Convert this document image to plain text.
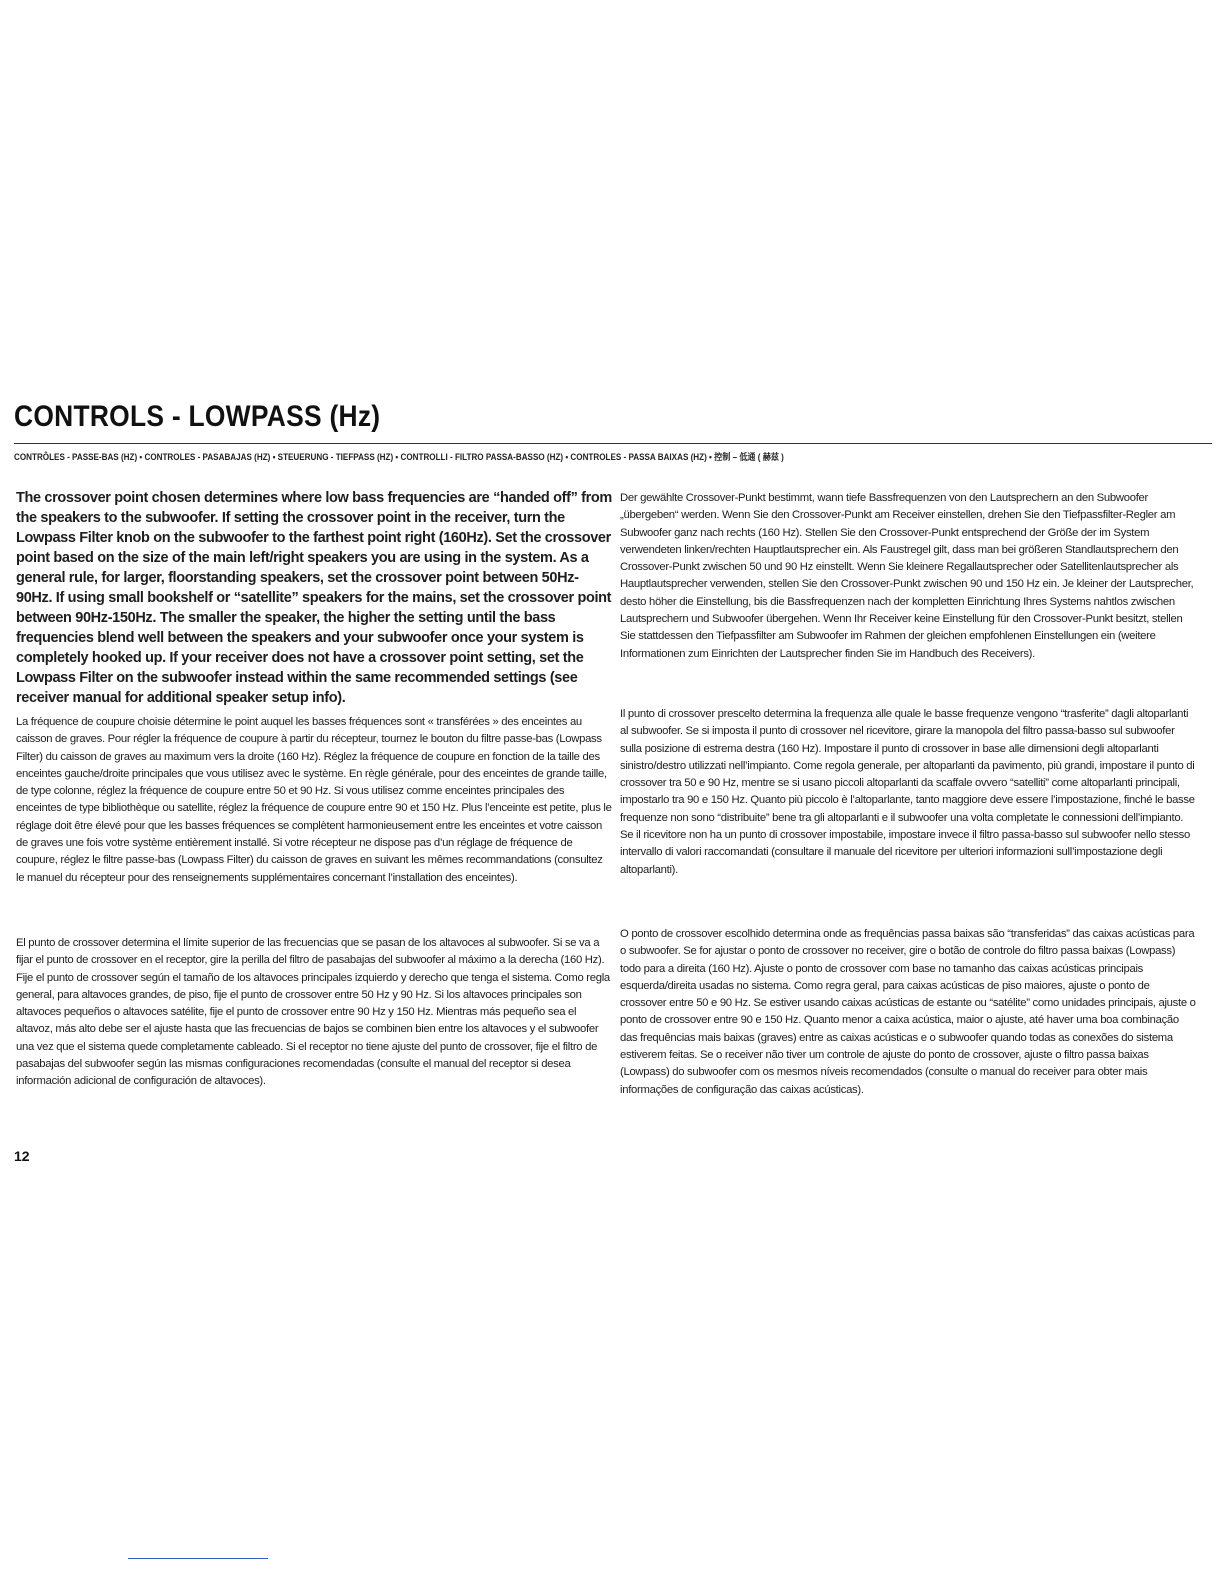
CONTROLS - LOWPASS (Hz)
CONTRÔLES - PASSE-BAS (HZ) • CONTROLES - PASABAJAS (HZ) • STEUERUNG - TIEFPASS (HZ) • CONTROLLI - FILTRO PASSA-BASSO (HZ) • CONTROLES - PASSA BAIXAS (HZ) • 控制 – 低通 ( 赫兹 )

The crossover point chosen determines where low bass frequencies are “handed off” from the speakers to the subwoofer. If setting the crossover point in the receiver, turn the Lowpass Filter knob on the subwoofer to the farthest point right (160Hz). Set the crossover point based on the size of the main left/right speakers you are using in the system. As a general rule, for larger, floorstanding speakers, set the crossover point between 50Hz-90Hz. If using small bookshelf or “satellite” speakers for the mains, set the crossover point between 90Hz-150Hz. The smaller the speaker, the higher the setting until the bass frequencies blend well between the speakers and your subwoofer once your system is completely hooked up. If your receiver does not have a crossover point setting, set the Lowpass Filter on the subwoofer instead within the same recommended settings (see receiver manual for additional speaker setup info).

Der gewählte Crossover-Punkt bestimmt, wann tiefe Bassfrequenzen von den Lautsprechern an den Subwoofer „übergeben“ werden. Wenn Sie den Crossover-Punkt am Receiver einstellen, drehen Sie den Tiefpassfilter-Regler am Subwoofer ganz nach rechts (160 Hz). Stellen Sie den Crossover-Punkt entsprechend der Größe der im System verwendeten linken/rechten Hauptlautsprecher ein. Als Faustregel gilt, dass man bei größeren Standlautsprechern den Crossover-Punkt zwischen 50 und 90 Hz einstellt. Wenn Sie kleinere Regallautsprecher oder Satellitenlautsprecher als Hauptlautsprecher verwenden, stellen Sie den Crossover-Punkt zwischen 90 und 150 Hz ein. Je kleiner der Lautsprecher, desto höher die Einstellung, bis die Bassfrequenzen nach der kompletten Einrichtung Ihres Systems nahtlos zwischen Lautsprechern und Subwoofer übergehen. Wenn Ihr Receiver keine Einstellung für den Crossover-Punkt besitzt, stellen Sie stattdessen den Tiefpassfilter am Subwoofer im Rahmen der gleichen empfohlenen Einstellungen ein (weitere Informationen zum Einrichten der Lautsprecher finden Sie im Handbuch des Receivers).

La fréquence de coupure choisie détermine le point auquel les basses fréquences sont « transférées » des enceintes au caisson de graves. Pour régler la fréquence de coupure à partir du récepteur, tournez le bouton du filtre passe-bas (Lowpass Filter) du caisson de graves au maximum vers la droite (160 Hz). Réglez la fréquence de coupure en fonction de la taille des enceintes gauche/droite principales que vous utilisez avec le système. En règle générale, pour des enceintes de grande taille, de type colonne, réglez la fréquence de coupure entre 50 et 90 Hz. Si vous utilisez comme enceintes principales des enceintes de type bibliothèque ou satellite, réglez la fréquence de coupure entre 90 et 150 Hz. Plus l’enceinte est petite, plus le réglage doit être élevé pour que les basses fréquences se complètent harmonieusement entre les enceintes et votre caisson de graves une fois votre système entièrement installé. Si votre récepteur ne dispose pas d’un réglage de fréquence de coupure, réglez le filtre passe-bas (Lowpass Filter) du caisson de graves en suivant les mêmes recommandations (consultez le manuel du récepteur pour des renseignements supplémentaires concernant l’installation des enceintes).

Il punto di crossover prescelto determina la frequenza alle quale le basse frequenze vengono “trasferite” dagli altoparlanti al subwoofer. Se si imposta il punto di crossover nel ricevitore, girare la manopola del filtro passa-basso sul subwoofer sulla posizione di estrema destra (160 Hz). Impostare il punto di crossover in base alle dimensioni degli altoparlanti sinistro/destro utilizzati nell’impianto. Come regola generale, per altoparlanti da pavimento, più grandi, impostare il punto di crossover tra 50 e 90 Hz, mentre se si usano piccoli altoparlanti da scaffale ovvero “satelliti” come altoparlanti principali, impostarlo tra 90 e 150 Hz. Quanto più piccolo è l’altoparlante, tanto maggiore deve essere l’impostazione, finché le basse frequenze non sono “distribuite” bene tra gli altoparlanti e il subwoofer una volta completate le connessioni dell’impianto. Se il ricevitore non ha un punto di crossover impostabile, impostare invece il filtro passa-basso sul subwoofer nello stesso intervallo di valori raccomandati (consultare il manuale del ricevitore per ulteriori informazioni sull’impostazione degli altoparlanti).

El punto de crossover determina el límite superior de las frecuencias que se pasan de los altavoces al subwoofer. Si se va a fijar el punto de crossover en el receptor, gire la perilla del filtro de pasabajas del subwoofer al máximo a la derecha (160 Hz). Fije el punto de crossover según el tamaño de los altavoces principales izquierdo y derecho que tenga el sistema. Como regla general, para altavoces grandes, de piso, fije el punto de crossover entre 50 Hz y 90 Hz. Si los altavoces principales son altavoces pequeños o altavoces satélite, fije el punto de crossover entre 90 Hz y 150 Hz. Mientras más pequeño sea el altavoz, más alto debe ser el ajuste hasta que las frecuencias de bajos se combinen bien entre los altavoces y el subwoofer una vez que el sistema quede completamente cableado. Si el receptor no tiene ajuste del punto de crossover, fije el filtro de pasabajas del subwoofer según las mismas configuraciones recomendadas (consulte el manual del receptor si desea información adicional de configuración de altavoces).

O ponto de crossover escolhido determina onde as frequências passa baixas são “transferidas” das caixas acústicas para o subwoofer. Se for ajustar o ponto de crossover no receiver, gire o botão de controle do filtro passa baixas (Lowpass) todo para a direita (160 Hz). Ajuste o ponto de crossover com base no tamanho das caixas acústicas principais esquerda/direita usadas no sistema. Como regra geral, para caixas acústicas de piso maiores, ajuste o ponto de crossover entre 50 e 90 Hz. Se estiver usando caixas acústicas de estante ou “satélite” como unidades principais, ajuste o ponto de crossover entre 90 e 150 Hz. Quanto menor a caixa acústica, maior o ajuste, até haver uma boa combinação das frequências mais baixas (graves) entre as caixas acústicas e o subwoofer quando todas as conexões do sistema estiverem feitas. Se o receiver não tiver um controle de ajuste do ponto de crossover, ajuste o filtro passa baixas (Lowpass) do subwoofer com os mesmos níveis recomendados (consulte o manual do receiver para obter mais informações de configuração das caixas acústicas).

12
